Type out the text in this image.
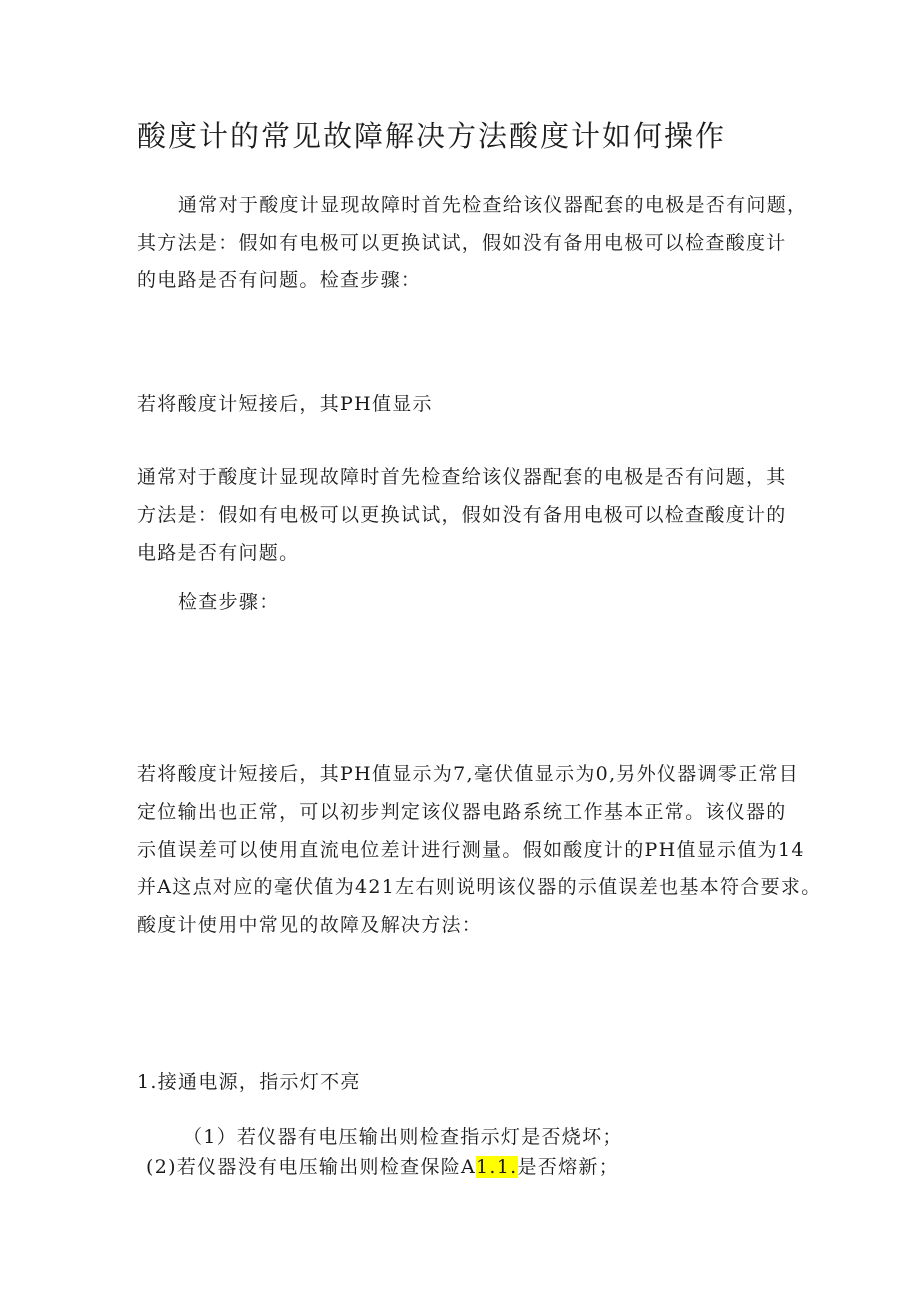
酸度计的常见故障解决方法酸度计如何操作
通常对于酸度计显现故障时首先检查给该仪器配套的电极是否有问题，
其方法是：假如有电极可以更换试试，假如没有备用电极可以检查酸度计
的电路是否有问题。检查步骤：
若将酸度计短接后，其PH值显示
通常对于酸度计显现故障时首先检查给该仪器配套的电极是否有问题，其
方法是：假如有电极可以更换试试，假如没有备用电极可以检查酸度计的
电路是否有问题。
检查步骤：
若将酸度计短接后，其PH值显示为7,毫伏值显示为0,另外仪器调零正常目
定位输出也正常，可以初步判定该仪器电路系统工作基本正常。该仪器的
示值误差可以使用直流电位差计进行测量。假如酸度计的PH值显示值为14
并A这点对应的毫伏值为421左右则说明该仪器的示值误差也基本符合要求。
酸度计使用中常见的故障及解决方法：
1.接通电源，指示灯不亮
（1）若仪器有电压输出则检查指示灯是否烧坏；
(2)若仪器没有电压输出则检查保险A1.1.是否熔新；
